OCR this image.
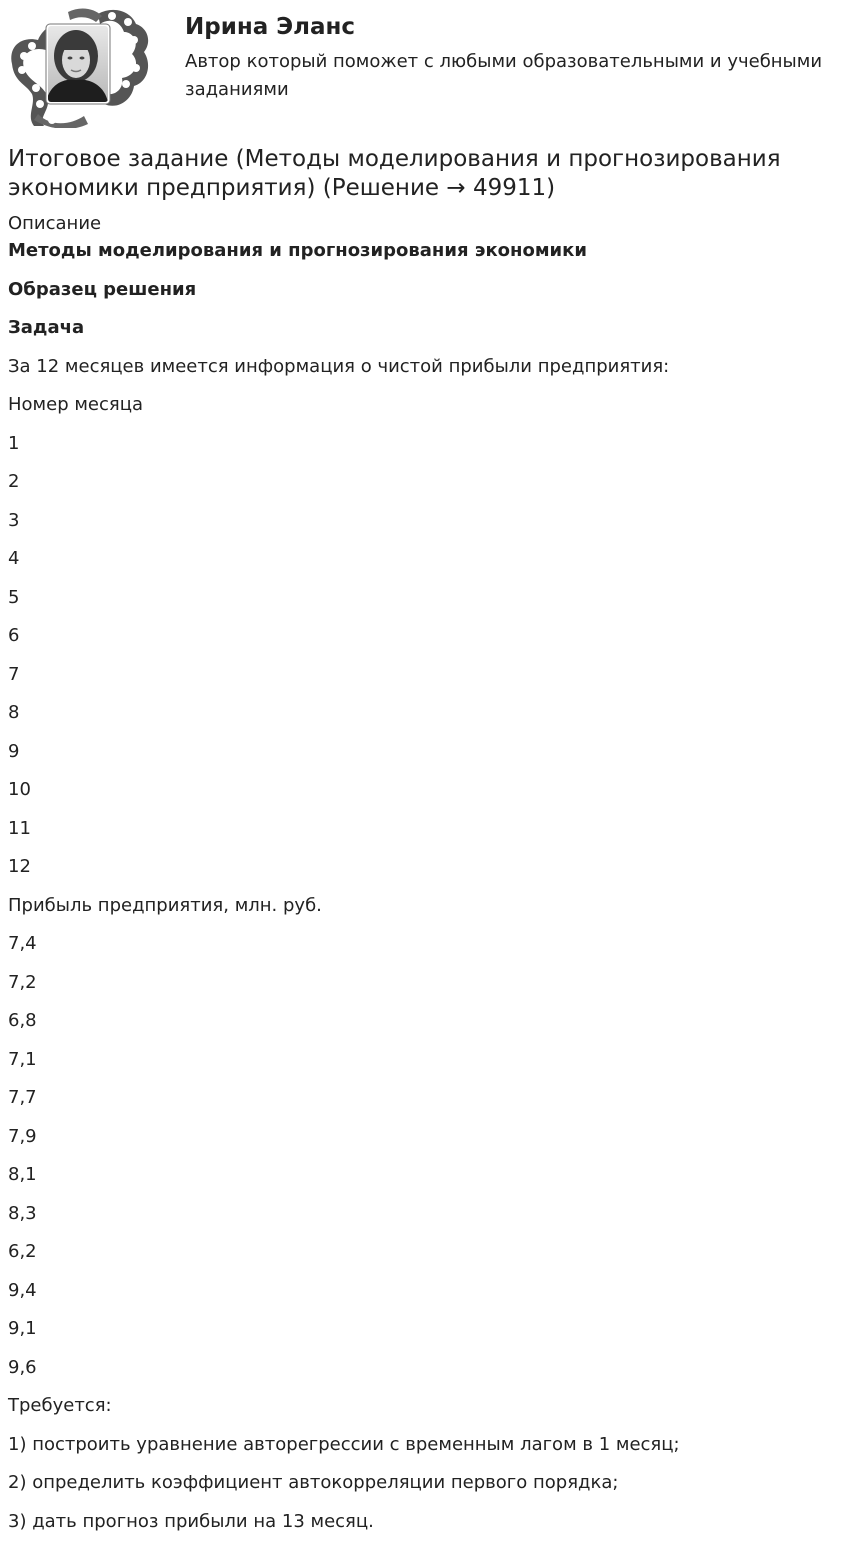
Ирина Эланс
Автор который поможет с любыми образовательными и учебными заданиями
Итоговое задание (Методы моделирования и прогнозирования экономики предприятия) (Решение → 49911)
Описание
Методы моделирования и прогнозирования экономики
Образец решения
Задача
За 12 месяцев имеется информация о чистой прибыли предприятия:
Номер месяца
1
2
3
4
5
6
7
8
9
10
11
12
Прибыль предприятия, млн. руб.
7,4
7,2
6,8
7,1
7,7
7,9
8,1
8,3
6,2
9,4
9,1
9,6
Требуется:
1) построить уравнение авторегрессии с временным лагом в 1 месяц;
2) определить коэффициент автокорреляции первого порядка;
3) дать прогноз прибыли на 13 месяц.
